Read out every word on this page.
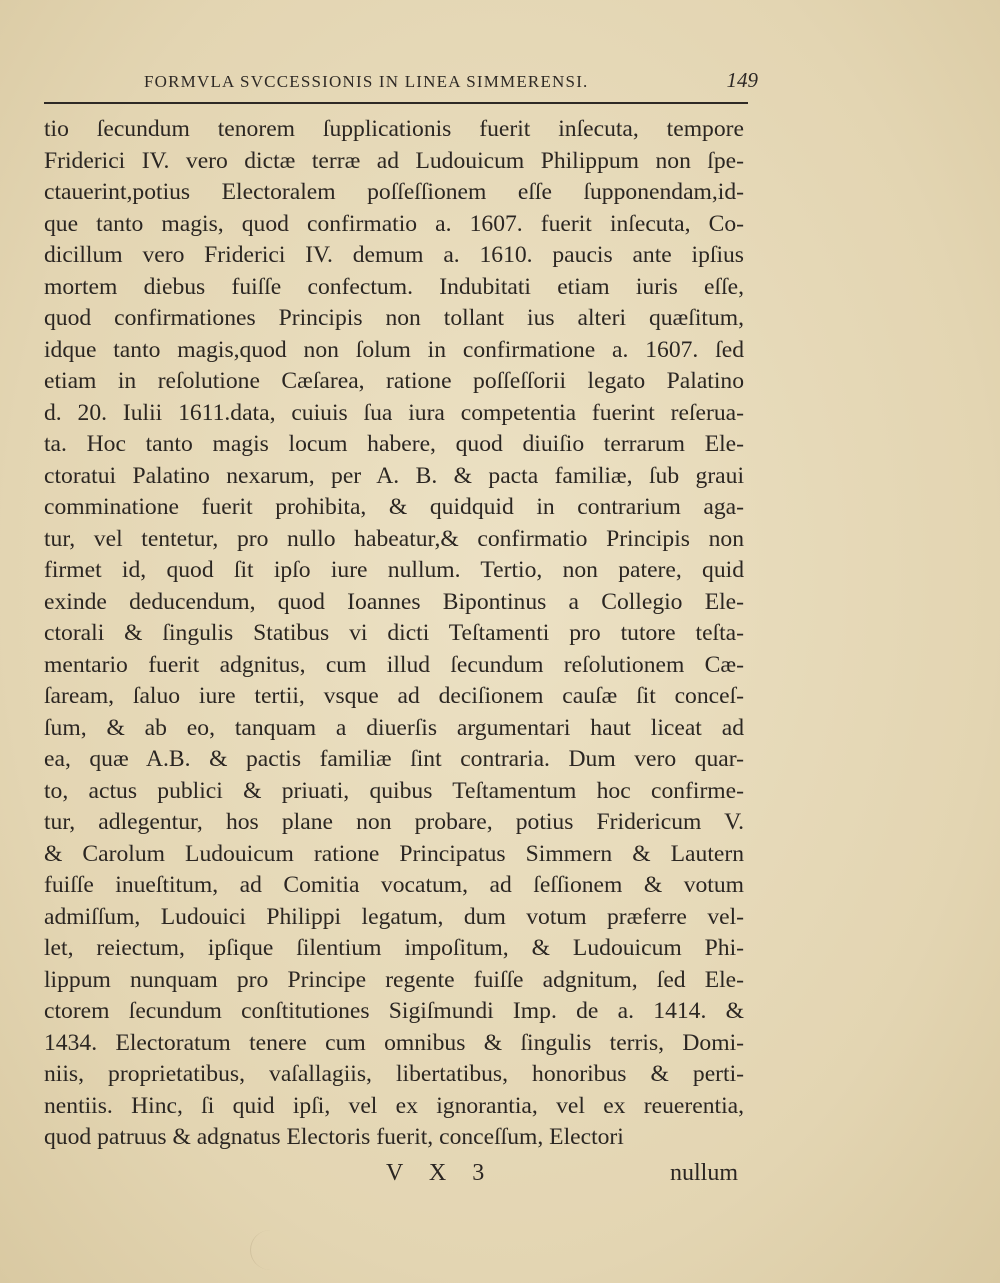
FORMVLA SVCCESSIONIS IN LINEA SIMMERENSI.	149
tio ſecundum tenorem ſupplicationis fuerit inſecuta, tempore
Friderici IV. vero dictæ terræ ad Ludouicum Philippum non ſpe-
ctauerint,potius Electoralem poſſeſſionem eſſe ſupponendam,id-
que tanto magis, quod confirmatio a. 1607. fuerit inſecuta, Co-
dicillum vero Friderici IV. demum a. 1610. paucis ante ipſius
mortem diebus fuiſſe confectum. Indubitati etiam iuris eſſe,
quod confirmationes Principis non tollant ius alteri quæſitum,
idque tanto magis,quod non ſolum in confirmatione a. 1607. ſed
etiam in reſolutione Cæſarea, ratione poſſeſſorii legato Palatino
d. 20. Iulii 1611.data, cuiuis ſua iura competentia fuerint reſerua-
ta. Hoc tanto magis locum habere, quod diuiſio terrarum Ele-
ctoratui Palatino nexarum, per A. B. & pacta familiæ, ſub graui
comminatione fuerit prohibita, & quidquid in contrarium aga-
tur, vel tentetur, pro nullo habeatur,& confirmatio Principis non
firmet id, quod ſit ipſo iure nullum. Tertio, non patere, quid
exinde deducendum, quod Ioannes Bipontinus a Collegio Ele-
ctorali & ſingulis Statibus vi dicti Teſtamenti pro tutore teſta-
mentario fuerit adgnitus, cum illud ſecundum reſolutionem Cæ-
ſaream, ſaluo iure tertii, vsque ad deciſionem cauſæ ſit conceſ-
ſum, & ab eo, tanquam a diuerſis argumentari haut liceat ad
ea, quæ A.B. & pactis familiæ ſint contraria. Dum vero quar-
to, actus publici & priuati, quibus Teſtamentum hoc confirme-
tur, adlegentur, hos plane non probare, potius Fridericum V.
& Carolum Ludouicum ratione Principatus Simmern & Lautern
fuiſſe inueſtitum, ad Comitia vocatum, ad ſeſſionem & votum
admiſſum, Ludouici Philippi legatum, dum votum præferre vel-
let, reiectum, ipſique ſilentium impoſitum, & Ludouicum Phi-
lippum nunquam pro Principe regente fuiſſe adgnitum, ſed Ele-
ctorem ſecundum conſtitutiones Sigiſmundi Imp. de a. 1414. &
1434. Electoratum tenere cum omnibus & ſingulis terris, Domi-
niis, proprietatibus, vaſallagiis, libertatibus, honoribus & perti-
nentiis. Hinc, ſi quid ipſi, vel ex ignorantia, vel ex reuerentia,
quod patruus & adgnatus Electoris fuerit, conceſſum, Electori
V X 3	nullum
